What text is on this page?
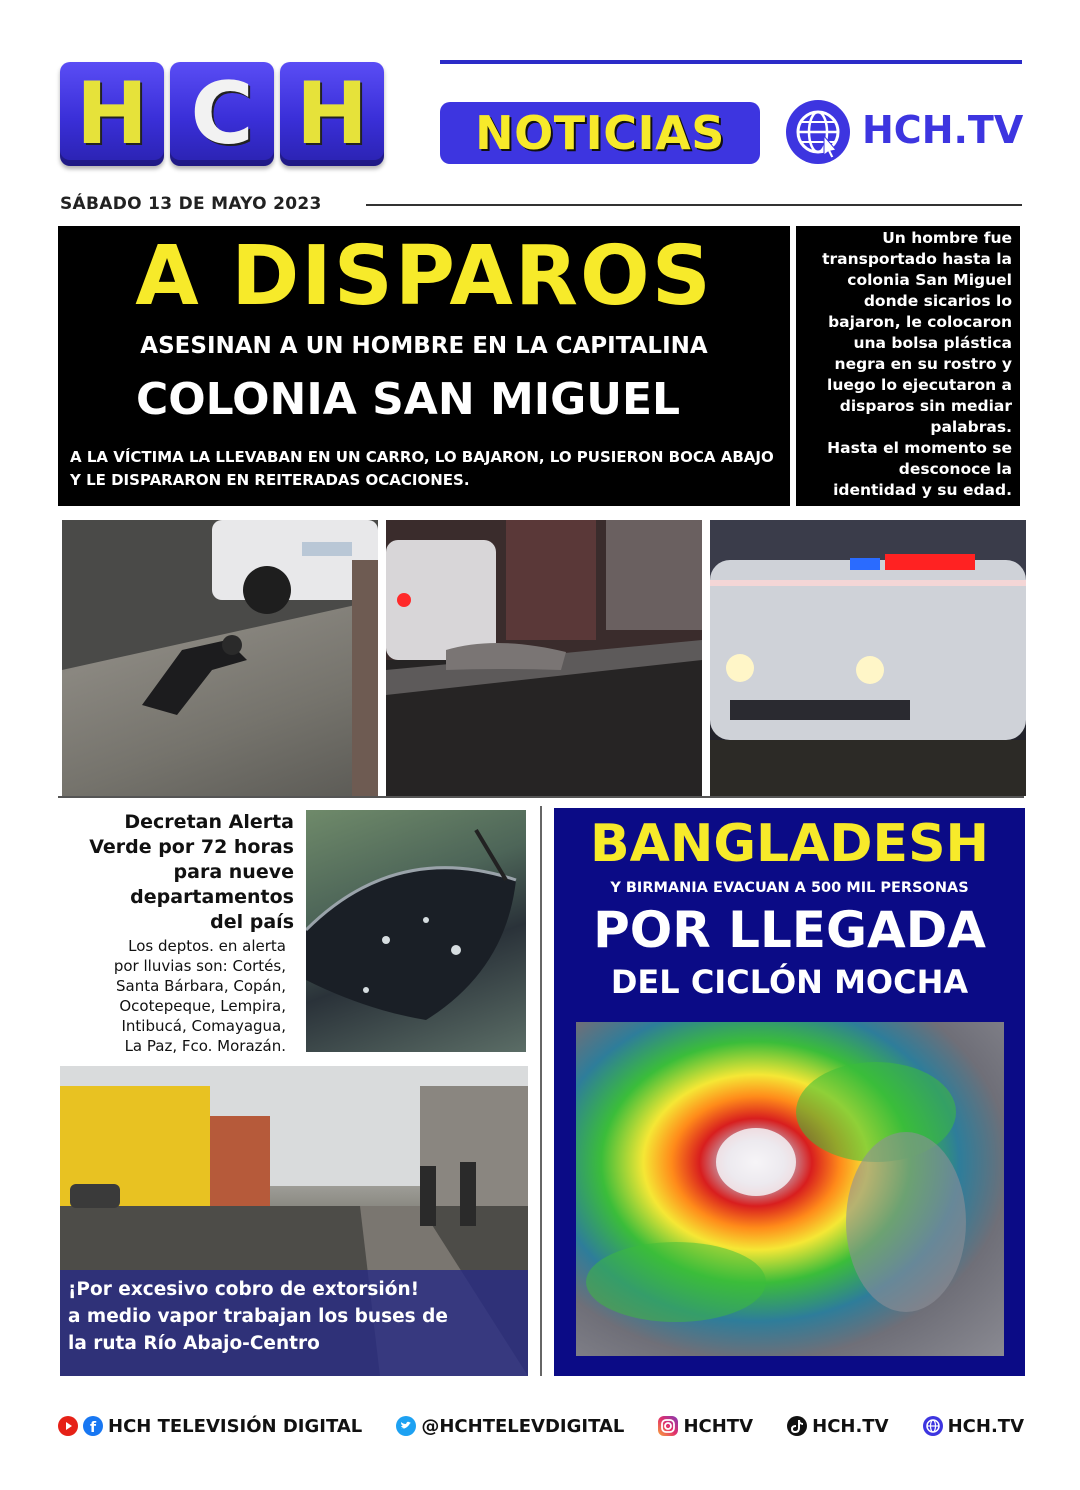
H C H NOTICIAS	HCH.TV
SÁBADO 13 DE MAYO 2023
A DISPAROS
ASESINAN A UN HOMBRE EN LA CAPITALINA
COLONIA SAN MIGUEL
A LA VÍCTIMA LA LLEVABAN EN UN CARRO, LO BAJARON, LO PUSIERON BOCA ABAJO Y LE DISPARARON EN REITERADAS OCACIONES.
Un hombre fue
transportado hasta la
colonia San Miguel
donde sicarios lo
bajaron, le colocaron
una bolsa plástica
negra en su rostro y
luego lo ejecutaron a
disparos sin mediar
palabras.
Hasta el momento se
desconoce la
identidad y su edad.
Decretan Alerta
Verde por 72 horas
para nueve
departamentos
del país
Los deptos. en alerta
por lluvias son: Cortés,
Santa Bárbara, Copán,
Ocotepeque, Lempira,
Intibucá, Comayagua,
La Paz, Fco. Morazán.
¡Por excesivo cobro de extorsión!
a medio vapor trabajan los buses de
la ruta Río Abajo-Centro
BANGLADESH
Y BIRMANIA EVACUAN A 500 MIL PERSONAS
POR LLEGADA
DEL CICLÓN MOCHA
f HCH TELEVISIÓN DIGITAL	@HCHTELEVDIGITAL	HCHTV	HCH.TV	HCH.TV
